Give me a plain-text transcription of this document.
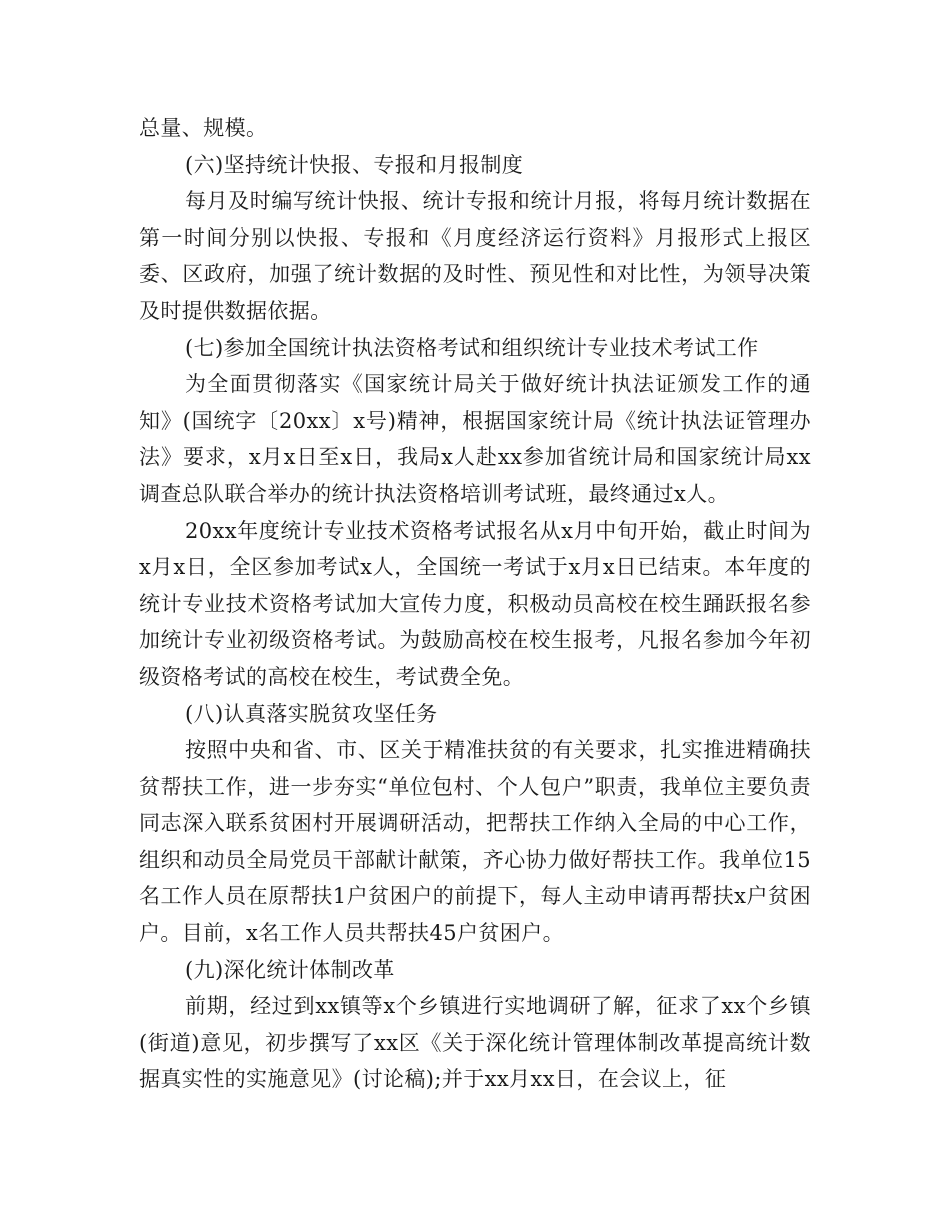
总量、规模。

(六)坚持统计快报、专报和月报制度

每月及时编写统计快报、统计专报和统计月报，将每月统计数据在第一时间分别以快报、专报和《月度经济运行资料》月报形式上报区委、区政府，加强了统计数据的及时性、预见性和对比性，为领导决策及时提供数据依据。

(七)参加全国统计执法资格考试和组织统计专业技术考试工作

为全面贯彻落实《国家统计局关于做好统计执法证颁发工作的通知》(国统字〔20xx〕x号)精神，根据国家统计局《统计执法证管理办法》要求，x月x日至x日，我局x人赴xx参加省统计局和国家统计局xx调查总队联合举办的统计执法资格培训考试班，最终通过x人。

20xx年度统计专业技术资格考试报名从x月中旬开始，截止时间为x月x日，全区参加考试x人，全国统一考试于x月x日已结束。本年度的统计专业技术资格考试加大宣传力度，积极动员高校在校生踊跃报名参加统计专业初级资格考试。为鼓励高校在校生报考，凡报名参加今年初级资格考试的高校在校生，考试费全免。

(八)认真落实脱贫攻坚任务

按照中央和省、市、区关于精准扶贫的有关要求，扎实推进精确扶贫帮扶工作，进一步夯实“单位包村、个人包户”职责，我单位主要负责同志深入联系贫困村开展调研活动，把帮扶工作纳入全局的中心工作，组织和动员全局党员干部献计献策，齐心协力做好帮扶工作。我单位15名工作人员在原帮扶1户贫困户的前提下，每人主动申请再帮扶x户贫困户。目前，x名工作人员共帮扶45户贫困户。

(九)深化统计体制改革

前期，经过到xx镇等x个乡镇进行实地调研了解，征求了xx个乡镇(街道)意见，初步撰写了xx区《关于深化统计管理体制改革提高统计数据真实性的实施意见》(讨论稿);并于xx月xx日，在会议上，征
